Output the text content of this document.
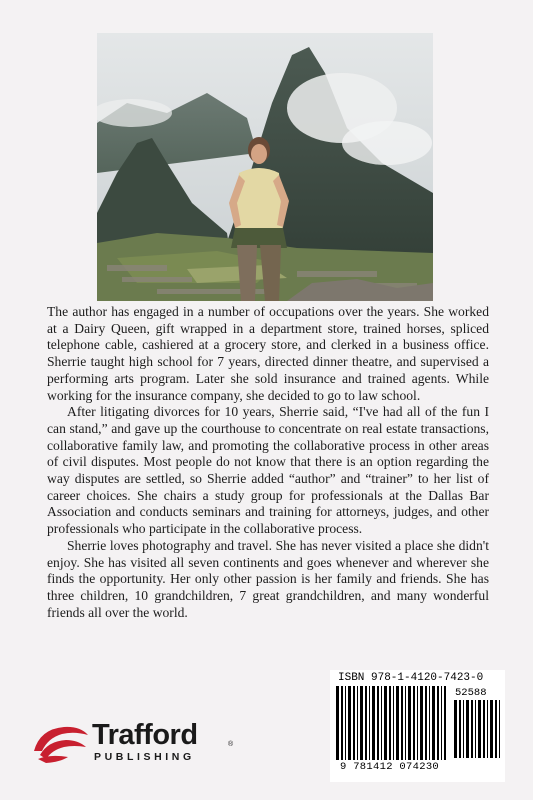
The author has engaged in a number of occupations over the years. She worked at a Dairy Queen, gift wrapped in a department store, trained horses, spliced telephone cable, cashiered at a grocery store, and clerked in a business office. Sherrie taught high school for 7 years, directed dinner theatre, and supervised a performing arts program. Later she sold insurance and trained agents. While working for the insurance company, she decided to go to law school.

After litigating divorces for 10 years, Sherrie said, “I've had all of the fun I can stand,” and gave up the courthouse to concentrate on real estate transactions, collaborative family law, and promoting the collaborative process in other areas of civil disputes. Most people do not know that there is an option regarding the way disputes are settled, so Sherrie added “author” and “trainer” to her list of career choices. She chairs a study group for professionals at the Dallas Bar Association and conducts seminars and training for attorneys, judges, and other professionals who participate in the collaborative process.

Sherrie loves photography and travel. She has never visited a place she didn't enjoy. She has visited all seven continents and goes whenever and wherever she finds the opportunity. Her only other passion is her family and friends. She has three children, 10 grandchildren, 7 great grandchildren, and many wonderful friends all over the world.

Trafford	®
PUBLISHING
ISBN 978-1-4120-7423-0
52588
9 781412 074230
